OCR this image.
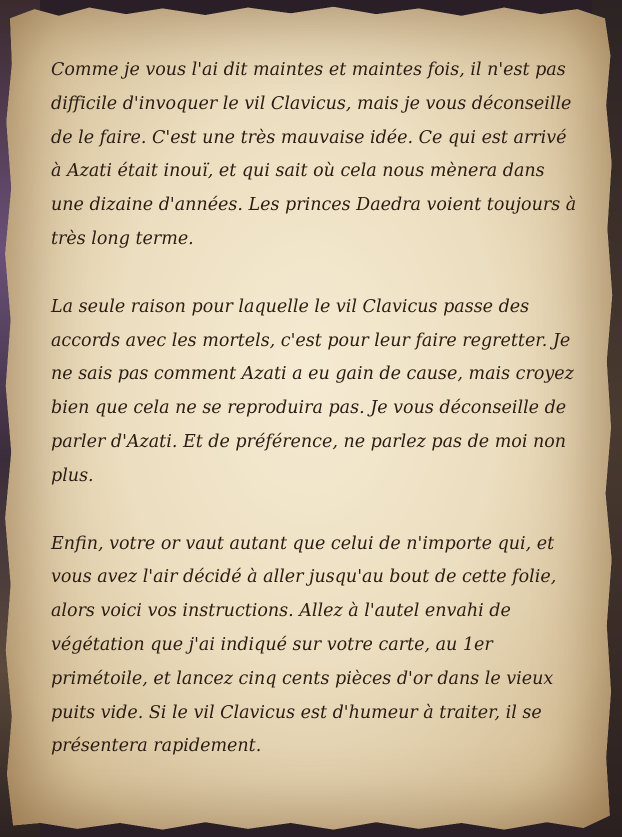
Comme je vous l'ai dit maintes et maintes fois, il n'est pas difficile d'invoquer le vil Clavicus, mais je vous déconseille de le faire. C'est une très mauvaise idée. Ce qui est arrivé à Azati était inouï, et qui sait où cela nous mènera dans une dizaine d'années. Les princes Daedra voient toujours à très long terme.

La seule raison pour laquelle le vil Clavicus passe des accords avec les mortels, c'est pour leur faire regretter. Je ne sais pas comment Azati a eu gain de cause, mais croyez bien que cela ne se reproduira pas. Je vous déconseille de parler d'Azati. Et de préférence, ne parlez pas de moi non plus.

Enfin, votre or vaut autant que celui de n'importe qui, et vous avez l'air décidé à aller jusqu'au bout de cette folie, alors voici vos instructions. Allez à l'autel envahi de végétation que j'ai indiqué sur votre carte, au 1er primétoile, et lancez cinq cents pièces d'or dans le vieux puits vide. Si le vil Clavicus est d'humeur à traiter, il se présentera rapidement.
